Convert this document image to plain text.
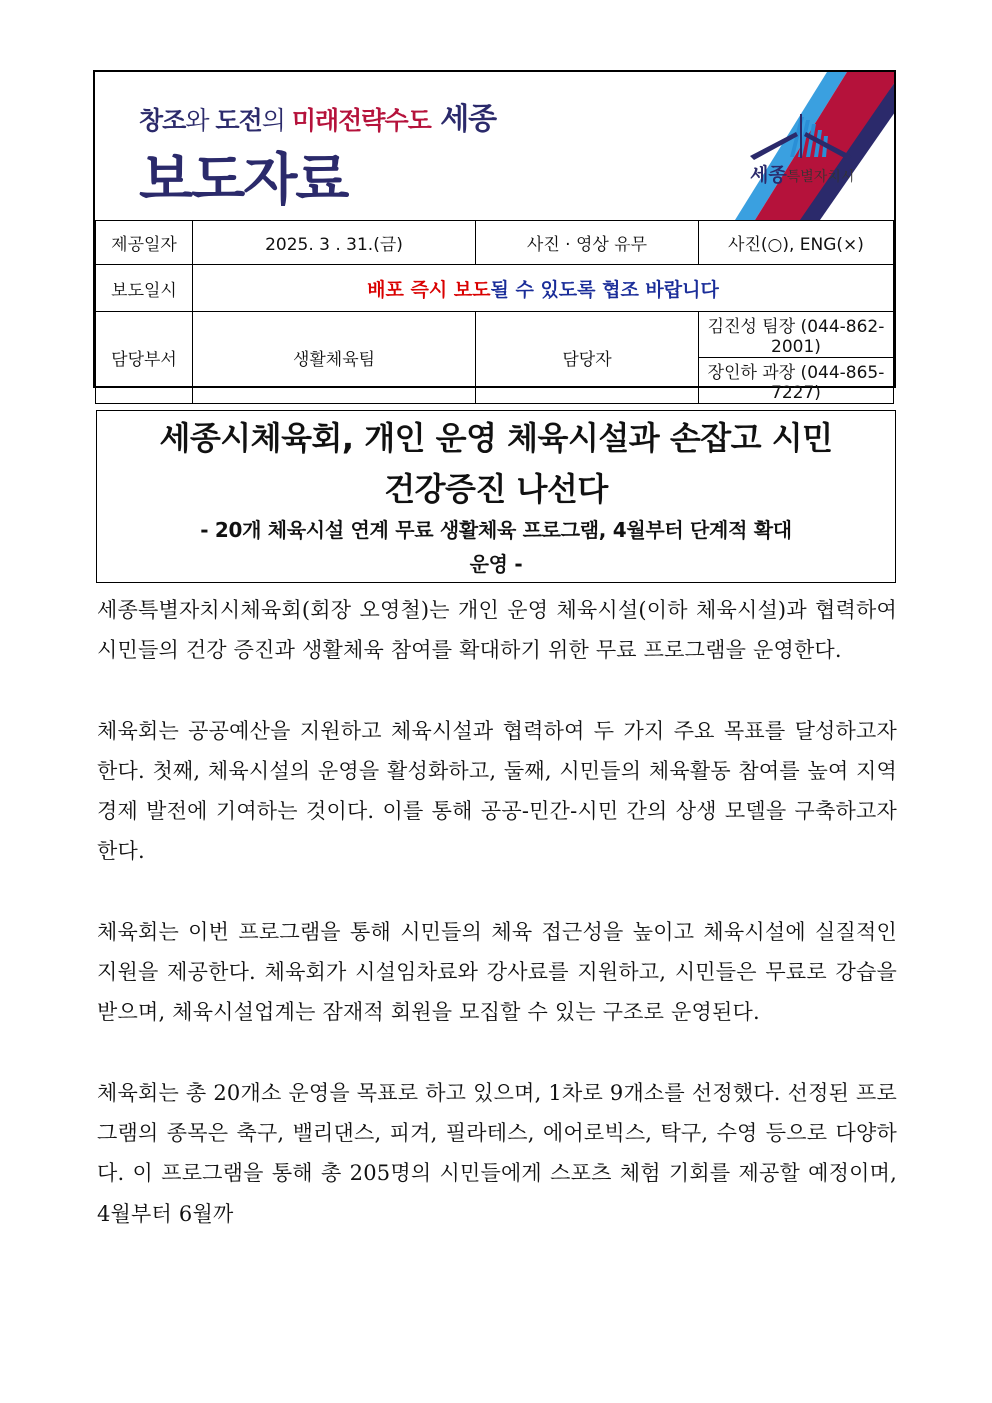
창조와 도전의 미래전략수도 세종
보도자료	세종특별자치시
제공일자	2025. 3 . 31.(금)	사진 · 영상 유무	사진(○), ENG(×)
보도일시	배포 즉시 보도될 수 있도록 협조 바랍니다		
담당부서	생활체육팀	담당자	김진성 팀장 (044-862-2001)
			장인하 과장 (044-865-7227)
세종시체육회, 개인 운영 체육시설과 손잡고 시민
건강증진 나선다
- 20개 체육시설 연계 무료 생활체육 프로그램, 4월부터 단계적 확대
운영 -

세종특별자치시체육회(회장 오영철)는 개인 운영 체육시설(이하 체육시설)과 협력하여 시민들의 건강 증진과 생활체육 참여를 확대하기 위한 무료 프로그램을 운영한다.

체육회는 공공예산을 지원하고 체육시설과 협력하여 두 가지 주요 목표를 달성하고자 한다. 첫째, 체육시설의 운영을 활성화하고, 둘째, 시민들의 체육활동 참여를 높여 지역경제 발전에 기여하는 것이다. 이를 통해 공공-민간-시민 간의 상생 모델을 구축하고자 한다.

체육회는 이번 프로그램을 통해 시민들의 체육 접근성을 높이고 체육시설에 실질적인 지원을 제공한다. 체육회가 시설임차료와 강사료를 지원하고, 시민들은 무료로 강습을 받으며, 체육시설업계는 잠재적 회원을 모집할 수 있는 구조로 운영된다.

체육회는 총 20개소 운영을 목표로 하고 있으며, 1차로 9개소를 선정했다. 선정된 프로그램의 종목은 축구, 밸리댄스, 피겨, 필라테스, 에어로빅스, 탁구, 수영 등으로 다양하다. 이 프로그램을 통해 총 205명의 시민들에게 스포츠 체험 기회를 제공할 예정이며, 4월부터 6월까
